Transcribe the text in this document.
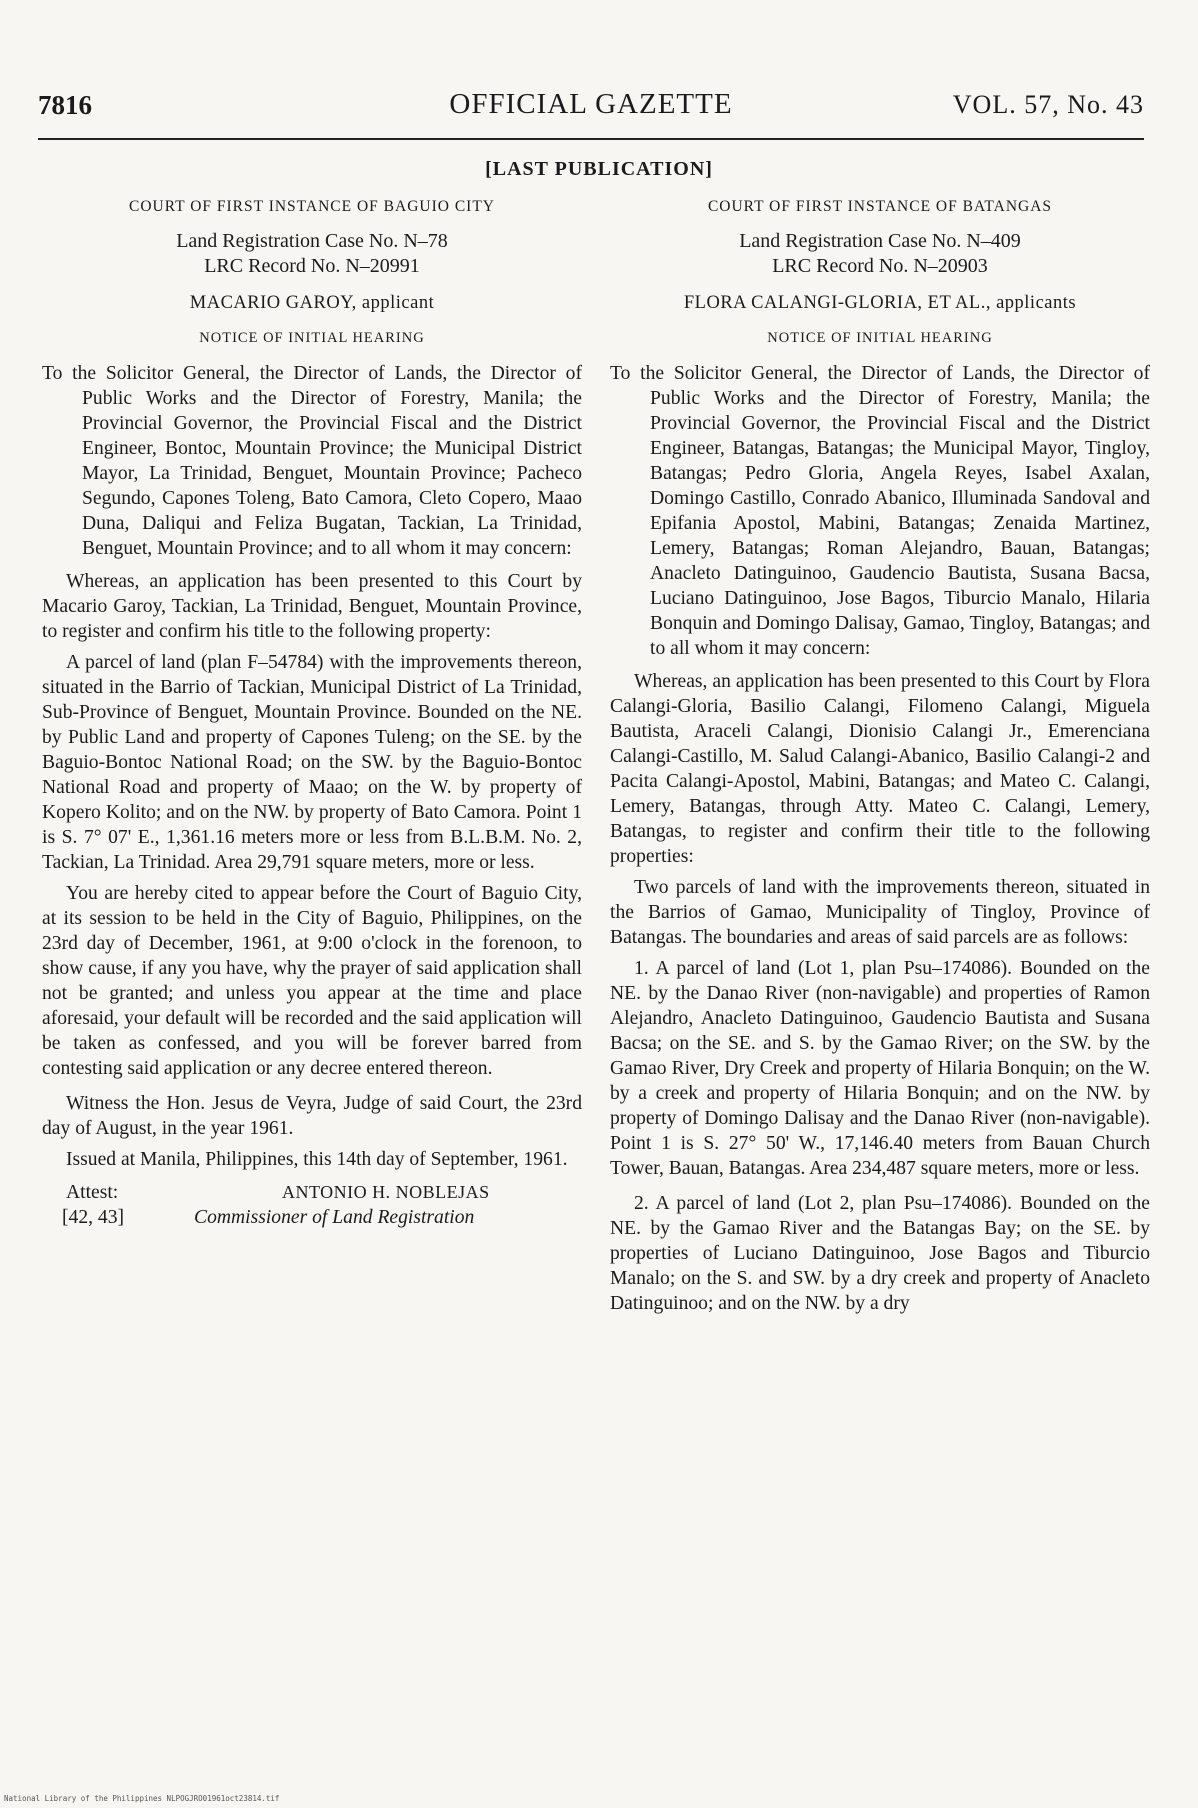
7816	OFFICIAL GAZETTE	VOL. 57, No. 43
[LAST PUBLICATION]
COURT OF FIRST INSTANCE OF BAGUIO CITY
Land Registration Case No. N–78
LRC Record No. N–20991
MACARIO GAROY, applicant
NOTICE OF INITIAL HEARING

To the Solicitor General, the Director of Lands, the Director of Public Works and the Director of Forestry, Manila; the Provincial Governor, the Provincial Fiscal and the District Engineer, Bontoc, Mountain Province; the Municipal District Mayor, La Trinidad, Benguet, Mountain Province; Pacheco Segundo, Capones Toleng, Bato Camora, Cleto Copero, Maao Duna, Daliqui and Feliza Bugatan, Tackian, La Trinidad, Benguet, Mountain Province; and to all whom it may concern:

Whereas, an application has been presented to this Court by Macario Garoy, Tackian, La Trinidad, Benguet, Mountain Province, to register and confirm his title to the following property:

A parcel of land (plan F–54784) with the improvements thereon, situated in the Barrio of Tackian, Municipal District of La Trinidad, Sub-Province of Benguet, Mountain Province. Bounded on the NE. by Public Land and property of Capones Tuleng; on the SE. by the Baguio-Bontoc National Road; on the SW. by the Baguio-Bontoc National Road and property of Maao; on the W. by property of Kopero Kolito; and on the NW. by property of Bato Camora. Point 1 is S. 7° 07' E., 1,361.16 meters more or less from B.L.B.M. No. 2, Tackian, La Trinidad. Area 29,791 square meters, more or less.

You are hereby cited to appear before the Court of Baguio City, at its session to be held in the City of Baguio, Philippines, on the 23rd day of December, 1961, at 9:00 o'clock in the forenoon, to show cause, if any you have, why the prayer of said application shall not be granted; and unless you appear at the time and place aforesaid, your default will be recorded and the said application will be taken as confessed, and you will be forever barred from contesting said application or any decree entered thereon.

Witness the Hon. Jesus de Veyra, Judge of said Court, the 23rd day of August, in the year 1961.

Issued at Manila, Philippines, this 14th day of September, 1961.

Attest:	ANTONIO H. NOBLEJAS
[42, 43]	Commissioner of Land Registration
COURT OF FIRST INSTANCE OF BATANGAS
Land Registration Case No. N–409
LRC Record No. N–20903
FLORA CALANGI-GLORIA, ET AL., applicants
NOTICE OF INITIAL HEARING

To the Solicitor General, the Director of Lands, the Director of Public Works and the Director of Forestry, Manila; the Provincial Governor, the Provincial Fiscal and the District Engineer, Batangas, Batangas; the Municipal Mayor, Tingloy, Batangas; Pedro Gloria, Angela Reyes, Isabel Axalan, Domingo Castillo, Conrado Abanico, Illuminada Sandoval and Epifania Apostol, Mabini, Batangas; Zenaida Martinez, Lemery, Batangas; Roman Alejandro, Bauan, Batangas; Anacleto Datinguinoo, Gaudencio Bautista, Susana Bacsa, Luciano Datinguinoo, Jose Bagos, Tiburcio Manalo, Hilaria Bonquin and Domingo Dalisay, Gamao, Tingloy, Batangas; and to all whom it may concern:

Whereas, an application has been presented to this Court by Flora Calangi-Gloria, Basilio Calangi, Filomeno Calangi, Miguela Bautista, Araceli Calangi, Dionisio Calangi Jr., Emerenciana Calangi-Castillo, M. Salud Calangi-Abanico, Basilio Calangi-2 and Pacita Calangi-Apostol, Mabini, Batangas; and Mateo C. Calangi, Lemery, Batangas, through Atty. Mateo C. Calangi, Lemery, Batangas, to register and confirm their title to the following properties:

Two parcels of land with the improvements thereon, situated in the Barrios of Gamao, Municipality of Tingloy, Province of Batangas. The boundaries and areas of said parcels are as follows:

1. A parcel of land (Lot 1, plan Psu–174086). Bounded on the NE. by the Danao River (non-navigable) and properties of Ramon Alejandro, Anacleto Datinguinoo, Gaudencio Bautista and Susana Bacsa; on the SE. and S. by the Gamao River; on the SW. by the Gamao River, Dry Creek and property of Hilaria Bonquin; on the W. by a creek and property of Hilaria Bonquin; and on the NW. by property of Domingo Dalisay and the Danao River (non-navigable). Point 1 is S. 27° 50' W., 17,146.40 meters from Bauan Church Tower, Bauan, Batangas. Area 234,487 square meters, more or less.

2. A parcel of land (Lot 2, plan Psu–174086). Bounded on the NE. by the Gamao River and the Batangas Bay; on the SE. by properties of Luciano Datinguinoo, Jose Bagos and Tiburcio Manalo; on the S. and SW. by a dry creek and property of Anacleto Datinguinoo; and on the NW. by a dry

National Library of the Philippines NLPOGJRO01961oct23814.tif
